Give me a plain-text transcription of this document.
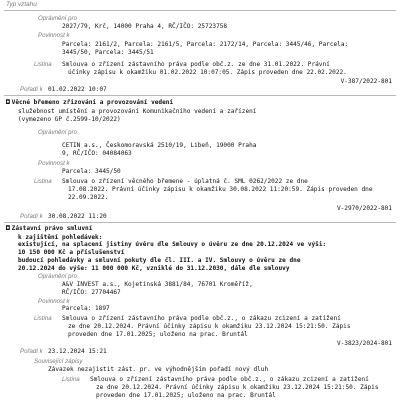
Typ vztahu
Oprávnění pro
2027/79, Krč, 14000 Praha 4, RČ/IČO: 25723758
Povinnost k
Parcela: 2161/2, Parcela: 2161/5, Parcela: 2172/14, Parcela: 3445/46, Parcela:
3445/50, Parcela: 3445/51
Listina Smlouva o zřízení zástavního práva podle obč.z. ze dne 31.01.2022. Právní
účinky zápisu k okamžiku 01.02.2022 10:07:05. Zápis proveden dne 22.02.2022.
V-387/2022-801
Pořadí k 01.02.2022 10:07
◘ Věcné břemeno zřizování a provozování vedení
služebnost umístění a provozování Komunikačního vedení a zařízení
(vymezeno GP č.2599-10/2022)
Oprávnění pro
CETIN a.s., Českomoravská 2510/19, Libeň, 19000 Praha
9, RČ/IČO: 04084063
Povinnost k
Parcela: 3445/50
Listina Smlouva o zřízení věcného břemene - úplatná č. SML 0262/2022 ze dne
17.08.2022. Právní účinky zápisu k okamžiku 30.08.2022 11:20:59. Zápis proveden dne
22.09.2022.
V-2970/2022-801
Pořadí k 30.08.2022 11:20
◘ Zástavní právo smluvní
k zajištění pohledávek:
existující, na splacení jistiny úvěru dle Smlouvy o úvěru ze dne 20.12.2024 ve výši:
10 150 000 Kč a příslušenství
budoucí pohledávky a smluvní pokuty dle čl. III. a IV. Smlouvy o úvěru ze dne
20.12.2024 do výše: 11 000 000 Kč, vzniklé do 31.12.2030, dále dle smlouvy
Oprávnění pro
A&V INVEST a.s., Kojetínská 3881/84, 76701 Kroměříž,
RČ/IČO: 27704467
Povinnost k
Parcela: 1897
Listina Smlouva o zřízení zástavního práva podle obč.z., o zákazu zcizení a zatížení
ze dne 20.12.2024. Právní účinky zápisu k okamžiku 23.12.2024 15:21:50. Zápis
proveden dne 17.01.2025; uloženo na prac. Bruntál
V-3823/2024-801
Pořadí k 23.12.2024 15:21
Související zápisy
Závazek nezajistit zást. pr. ve výhodnějším pořadí nový dluh
Listina Smlouva o zřízení zástavního práva podle obč.z., o zákazu zcizení a zatížení
ze dne 20.12.2024. Právní účinky zápisu k okamžiku 23.12.2024 15:21:50. Zápis
proveden dne 17.01.2025; uloženo na prac. Bruntál
